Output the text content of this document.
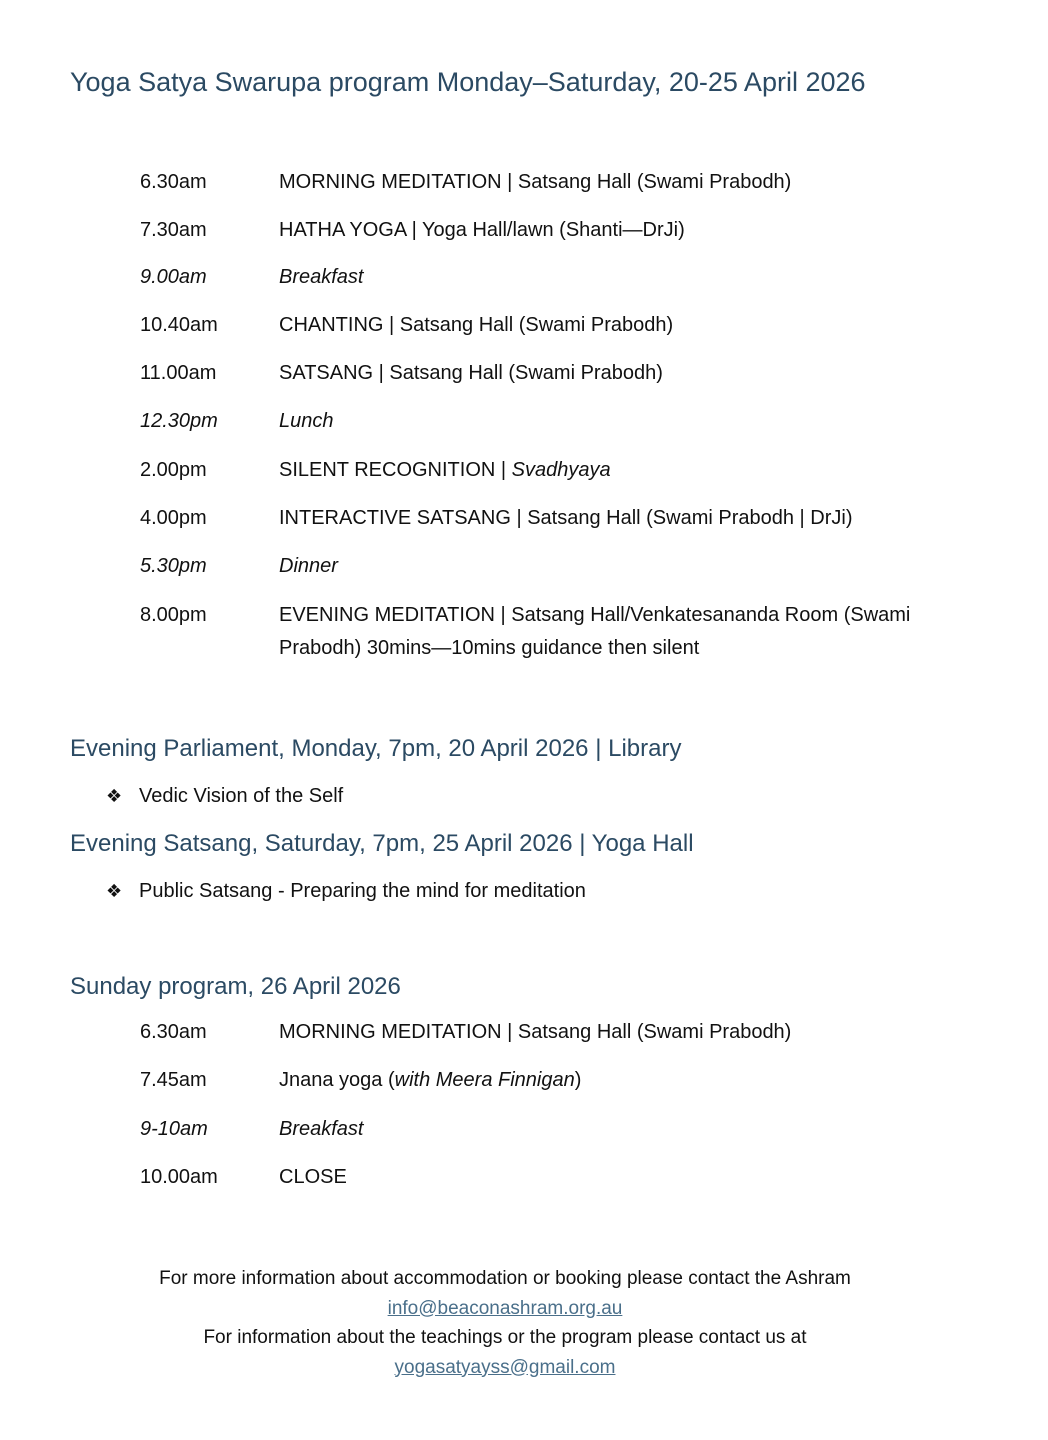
Yoga Satya Swarupa program Monday–Saturday, 20-25 April 2026
6.30am	MORNING MEDITATION | Satsang Hall (Swami Prabodh)
7.30am	HATHA YOGA | Yoga Hall/lawn (Shanti—DrJi)
9.00am	Breakfast
10.40am	CHANTING | Satsang Hall (Swami Prabodh)
11.00am	SATSANG | Satsang Hall (Swami Prabodh)
12.30pm	Lunch
2.00pm	SILENT RECOGNITION | Svadhyaya
4.00pm	INTERACTIVE SATSANG | Satsang Hall (Swami Prabodh | DrJi)
5.30pm	Dinner
8.00pm	EVENING MEDITATION | Satsang Hall/Venkatesananda Room (Swami Prabodh) 30mins—10mins guidance then silent
Evening Parliament, Monday, 7pm, 20 April 2026 | Library
❖ Vedic Vision of the Self
Evening Satsang, Saturday, 7pm, 25 April 2026 | Yoga Hall
❖ Public Satsang - Preparing the mind for meditation
Sunday program, 26 April 2026
6.30am	MORNING MEDITATION | Satsang Hall (Swami Prabodh)
7.45am	Jnana yoga (with Meera Finnigan)
9-10am	Breakfast
10.00am	CLOSE
For more information about accommodation or booking please contact the Ashram
info@beaconashram.org.au
For information about the teachings or the program please contact us at
yogasatyayss@gmail.com
